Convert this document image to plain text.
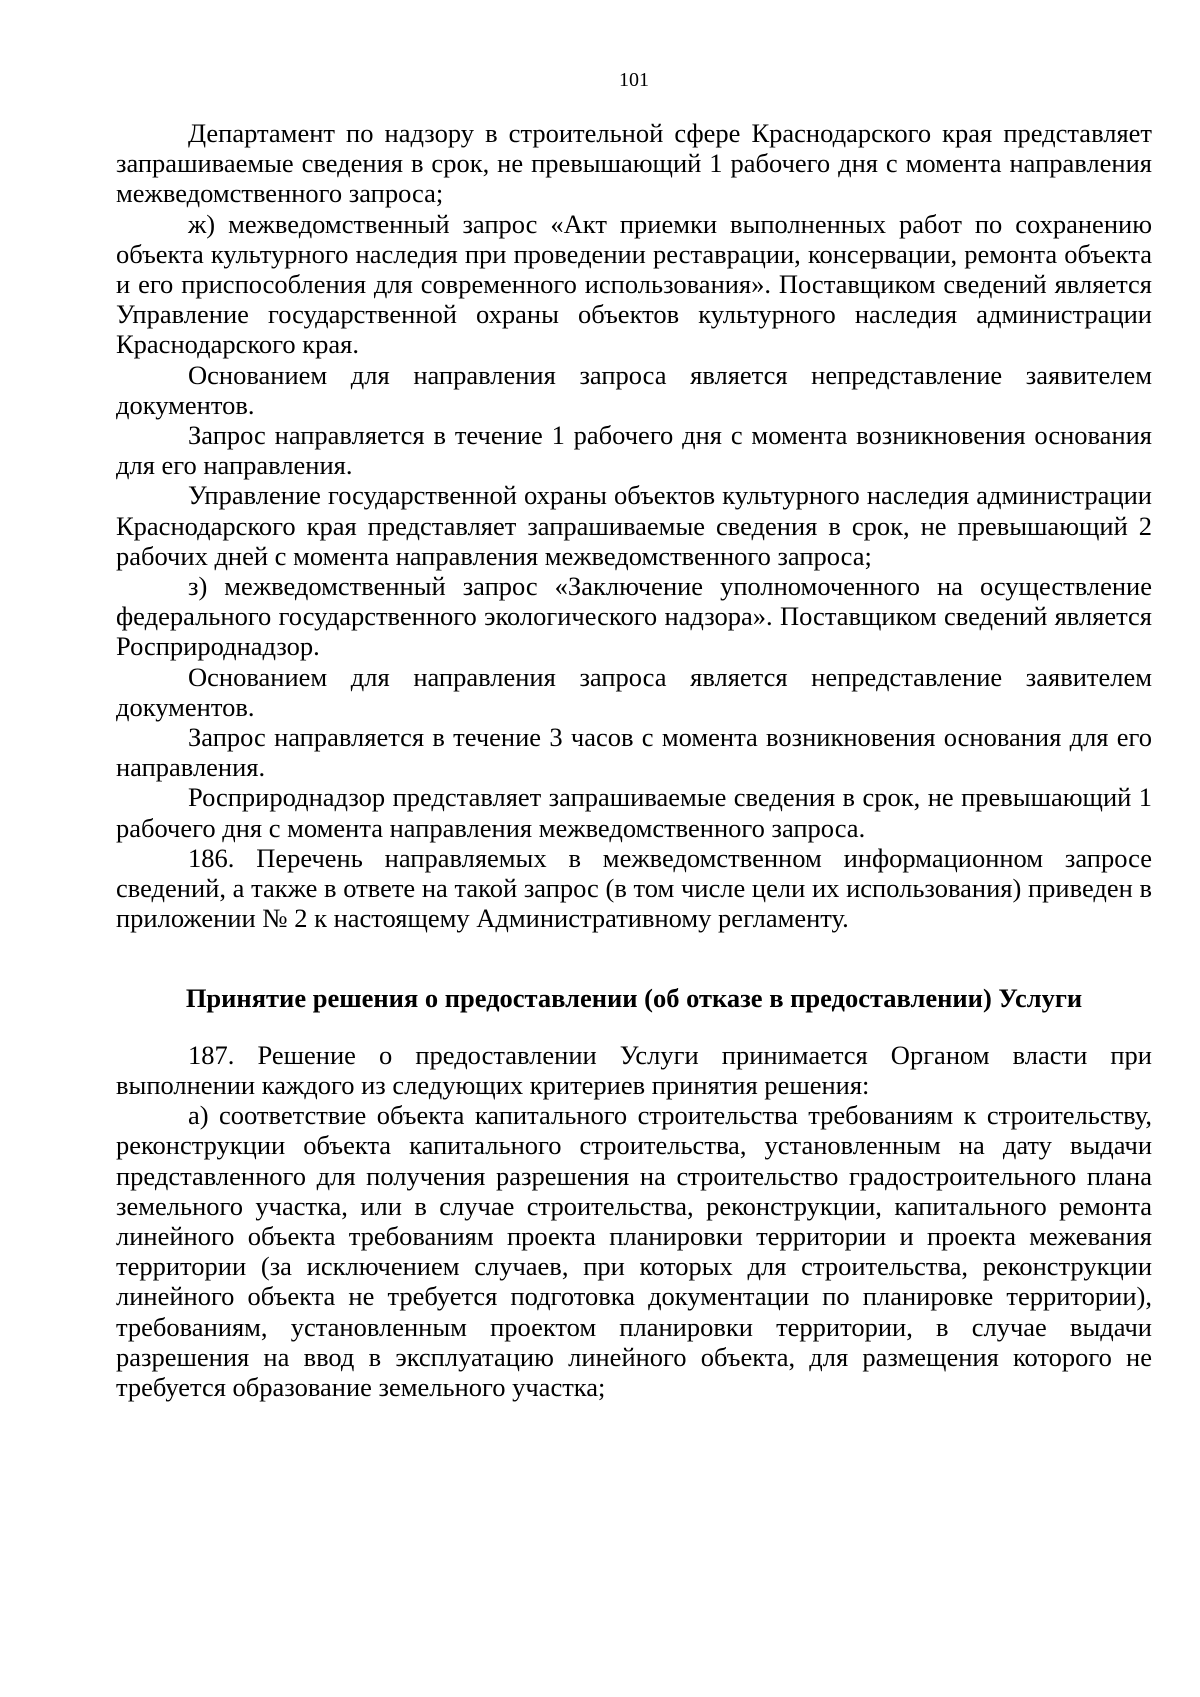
101

Департамент по надзору в строительной сфере Краснодарского края представляет запрашиваемые сведения в срок, не превышающий 1 рабочего дня с момента направления межведомственного запроса;

ж) межведомственный запрос «Акт приемки выполненных работ по сохранению объекта культурного наследия при проведении реставрации, консервации, ремонта объекта и его приспособления для современного использования». Поставщиком сведений является Управление государственной охраны объектов культурного наследия администрации Краснодарского края.

Основанием для направления запроса является непредставление заявителем документов.

Запрос направляется в течение 1 рабочего дня с момента возникновения основания для его направления.

Управление государственной охраны объектов культурного наследия администрации Краснодарского края представляет запрашиваемые сведения в срок, не превышающий 2 рабочих дней с момента направления межведомственного запроса;

з) межведомственный запрос «Заключение уполномоченного на осуществление федерального государственного экологического надзора». Поставщиком сведений является Росприроднадзор.

Основанием для направления запроса является непредставление заявителем документов.

Запрос направляется в течение 3 часов с момента возникновения основания для его направления.

Росприроднадзор представляет запрашиваемые сведения в срок, не превышающий 1 рабочего дня с момента направления межведомственного запроса.

186. Перечень направляемых в межведомственном информационном запросе сведений, а также в ответе на такой запрос (в том числе цели их использования) приведен в приложении № 2 к настоящему Административному регламенту.

Принятие решения о предоставлении (об отказе в предоставлении) Услуги

187. Решение о предоставлении Услуги принимается Органом власти при выполнении каждого из следующих критериев принятия решения:

а) соответствие объекта капитального строительства требованиям к строительству, реконструкции объекта капитального строительства, установленным на дату выдачи представленного для получения разрешения на строительство градостроительного плана земельного участка, или в случае строительства, реконструкции, капитального ремонта линейного объекта требованиям проекта планировки территории и проекта межевания территории (за исключением случаев, при которых для строительства, реконструкции линейного объекта не требуется подготовка документации по планировке территории), требованиям, установленным проектом планировки территории, в случае выдачи разрешения на ввод в эксплуатацию линейного объекта, для размещения которого не требуется образование земельного участка;
